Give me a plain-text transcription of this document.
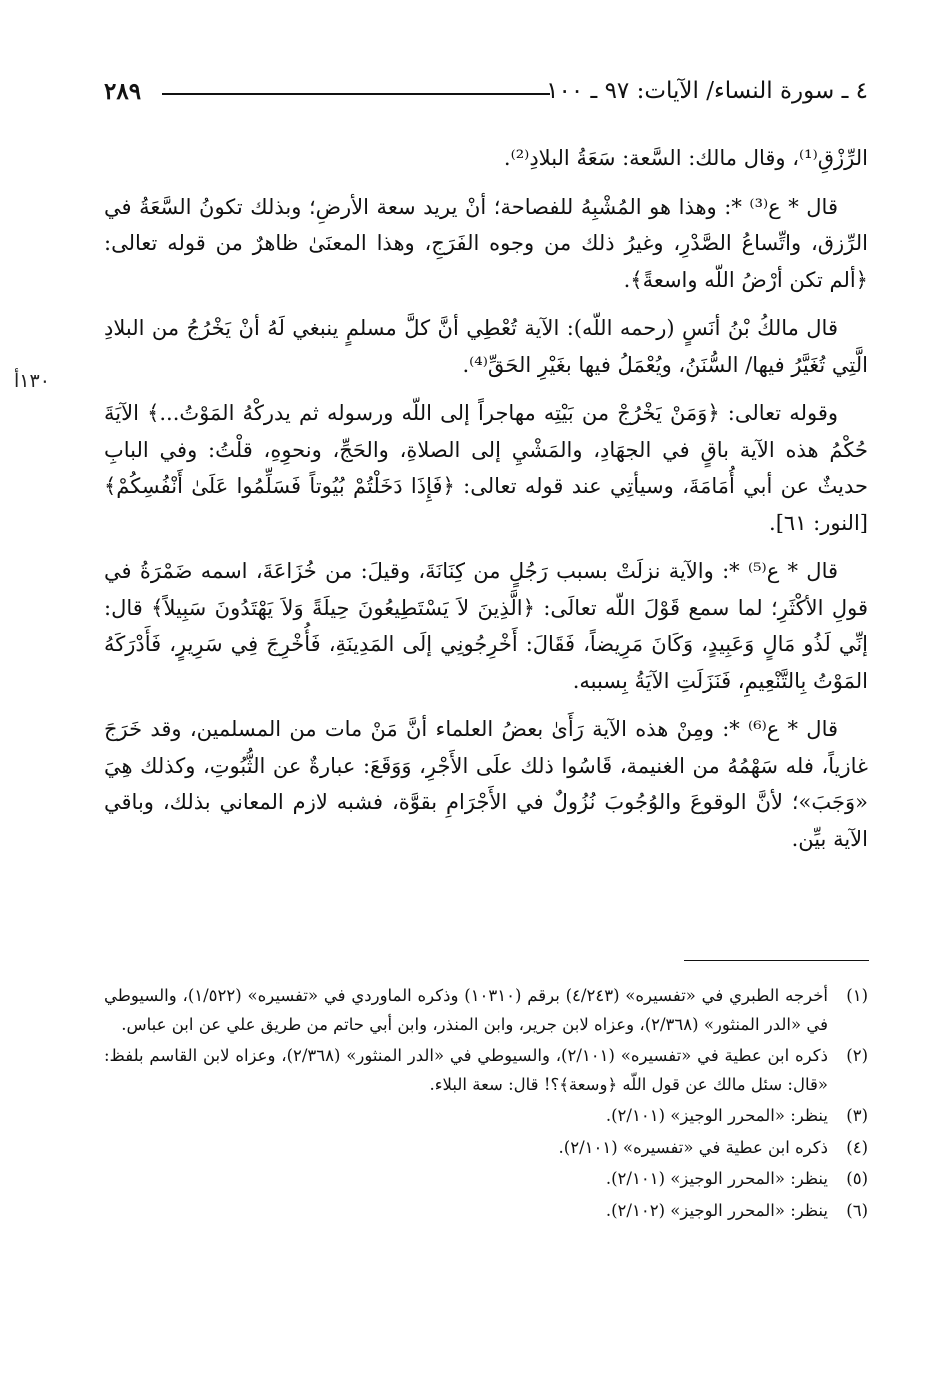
٤ ـ سورة النساء/ الآيات: ٩٧ ـ ١٠٠
٢٨٩
١٣٠أ

الرِّزْقِ⁽¹⁾، وقال مالك: السَّعة: سَعَةُ البلادِ⁽²⁾.

قال * ع⁽³⁾ *: وهذا هو المُشْبِهُ للفصاحة؛ أنْ يريد سعة الأرضِ؛ وبذلك تكونُ السَّعَةُ في الرِّزق، واتِّساعُ الصَّدْرِ، وغيرُ ذلك من وجوه الفَرَجِ، وهذا المعنَىٰ ظاهرٌ من قوله تعالى: ﴿ألم تكن أرْضُ اللّه واسعةً﴾.

قال مالكُ بْنُ أنَسٍ (رحمه اللّه): الآية تُعْطِي أنَّ كلَّ مسلمٍ ينبغي لَهُ أنْ يَخْرُجُ من البلادِ الَّتِي تُغَيَّرُ فيها/ السُّنَنُ، ويُعْمَلُ فيها بغَيْرِ الحَقِّ⁽⁴⁾.

وقوله تعالى: ﴿وَمَنْ يَخْرُجْ من بَيْتِه مهاجراً إلى اللّه ورسوله ثم يدركْهُ المَوْتُ...﴾ الآيَةَ حُكْمُ هذه الآية باقٍ في الجهَادِ، والمَشْيِ إلى الصلاةِ، والحَجِّ، ونحوِهِ، قلْتُ: وفي البابِ حديثٌ عن أبي أُمَامَةَ، وسيأتِي عند قوله تعالى: ﴿فَإِذَا دَخَلْتُمْ بُيُوتاً فَسَلِّمُوا عَلَىٰ أَنْفُسِكُمْ﴾ [النور: ٦١].

قال * ع⁽⁵⁾ *: والآية نزلَتْ بسبب رَجُلٍ من كِنَانَةَ، وقيلَ: من خُزَاعَةَ، اسمه ضَمْرَةُ في قولِ الأكْثَرِ؛ لما سمع قَوْلَ اللّه تعالَى: ﴿الَّذِينَ لاَ يَسْتَطِيعُونَ حِيلَةً وَلاَ يَهْتَدُونَ سَبِيلاً﴾ قال: إنِّي لَذُو مَالٍ وَعَبِيدٍ، وَكَانَ مَرِيضاً، فَقَالَ: أَخْرِجُونِي إلَى المَدِينَةِ، فَأُخْرِجَ فِي سَرِيرٍ، فَأَدْرَكَهُ المَوْتُ بِالتَّنْعِيمِ، فَنَزَلَتِ الآيَةُ بِسببه.

قال * ع⁽⁶⁾ *: ومِنْ هذه الآية رَأَىٰ بعضُ العلماء أنَّ مَنْ مات من المسلمين، وقد خَرَجَ غازياً، فله سَهْمُهُ من الغنيمة، قَاسُوا ذلك علَى الأَجْرِ، وَوَقَعَ: عبارةٌ عن الثُّبُوتِ، وكذلك هِيَ «وَجَبَ»؛ لأنَّ الوقوعَ والوُجُوبَ نُزُولٌ في الأَجْرَامِ بقوَّة، فشبه لازم المعاني بذلك، وباقي الآية بيِّن.

(١)
أخرجه الطبري في «تفسيره» (٤/٢٤٣) برقم (١٠٣١٠) وذكره الماوردي في «تفسيره» (١/٥٢٢)، والسيوطي في «الدر المنثور» (٢/٣٦٨)، وعزاه لابن جرير، وابن المنذر، وابن أبي حاتم من طريق علي عن ابن عباس.
(٢)
ذكره ابن عطية في «تفسيره» (٢/١٠١)، والسيوطي في «الدر المنثور» (٢/٣٦٨)، وعزاه لابن القاسم بلفظ: «قال: سئل مالك عن قول اللّه ﴿وسعة﴾؟! قال: سعة البلاء.
(٣)
ينظر: «المحرر الوجيز» (٢/١٠١).
(٤)
ذكره ابن عطية في «تفسيره» (٢/١٠١).
(٥)
ينظر: «المحرر الوجيز» (٢/١٠١).
(٦)
ينظر: «المحرر الوجيز» (٢/١٠٢).
